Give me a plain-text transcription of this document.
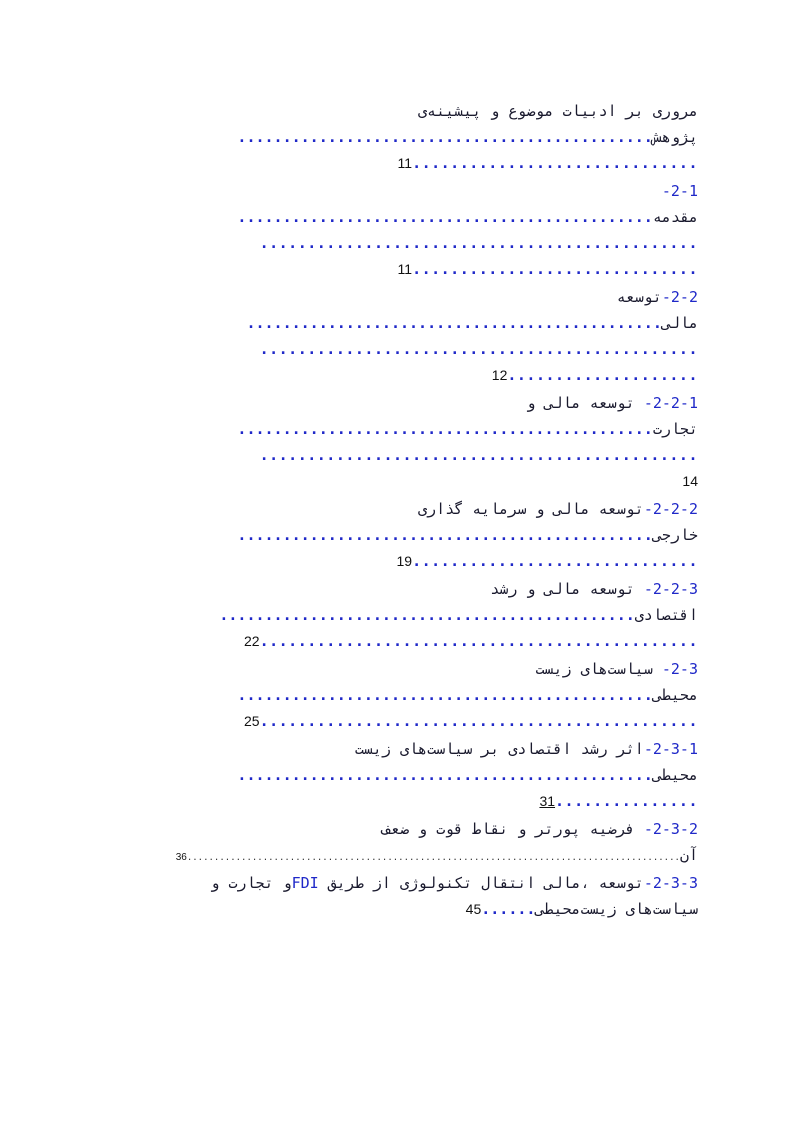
مروری بر ادبیات موضوع و پیشینه‌ی
پژوهش..............................................
..............................11
2-1-
مقدمه..............................................
..............................................
..............................11
2-2-توسعه
مالی..............................................
..............................................
....................12
2-2-1- توسعه مالی و
تجارت..............................................
..............................................
14
2-2-2-توسعه مالی و سرمایه گذاری
خارجی..............................................
..............................19
2-2-3- توسعه مالی و رشد
اقتصادی..............................................
..............................................22
2-3- سیاست‌های زیست
محیطی..............................................
..............................................25
2-3-1-اثر رشد اقتصادی بر سیاست‌های زیست
محیطی..............................................
...............31
2-3-2- فرضیه پورتر و نقاط قوت و ضعف
آن...........................................................................................36
2-3-3-توسعه ،مالی انتقال تکنولوژی از طریق FDIو تجارت و
سیاست‌های زیست‌محیطی......45
